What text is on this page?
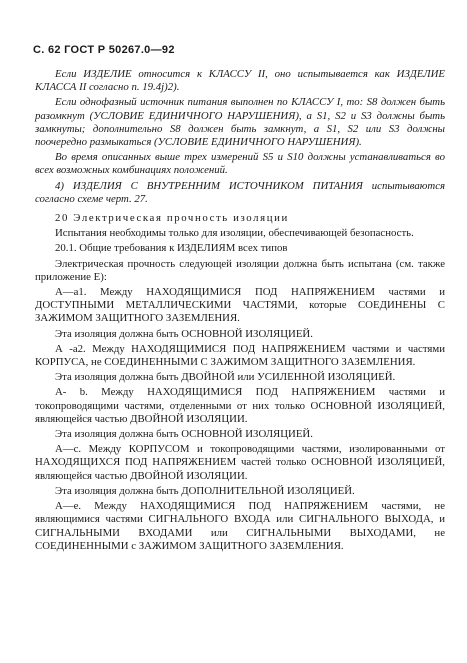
С. 62 ГОСТ Р 50267.0—92

Если ИЗДЕЛИЕ относится к КЛАССУ II, оно испытывается как ИЗДЕЛИЕ КЛАССА II согласно п. 19.4j)2).

Если однофазный источник питания выполнен по КЛАССУ I, то: S8 должен быть разомкнут (УСЛОВИЕ ЕДИНИЧНОГО НАРУШЕНИЯ), а S1, S2 и S3 должны быть замкнуты; дополнительно S8 должен быть замкнут, а S1, S2 или S3 должны поочередно размыкаться (УСЛОВИЕ ЕДИНИЧНОГО НАРУШЕНИЯ).

Во время описанных выше трех измерений S5 и S10 должны устанавливаться во всех возможных комбинациях положений.

4) ИЗДЕЛИЯ С ВНУТРЕННИМ ИСТОЧНИКОМ ПИТАНИЯ испытываются согласно схеме черт. 27.

20 Электрическая прочность изоляции

Испытания необходимы только для изоляции, обеспечивающей безопасность.

20.1. Общие требования к ИЗДЕЛИЯМ всех типов

Электрическая прочность следующей изоляции должна быть испытана (см. также приложение Е):

А—а1. Между НАХОДЯЩИМИСЯ ПОД НАПРЯЖЕНИЕМ частями и ДОСТУПНЫМИ МЕТАЛЛИЧЕСКИМИ ЧАСТЯМИ, которые СОЕДИНЕНЫ С ЗАЖИМОМ ЗАЩИТНОГО ЗАЗЕМЛЕНИЯ.

Эта изоляция должна быть ОСНОВНОЙ ИЗОЛЯЦИЕЙ.

А -а2. Между НАХОДЯЩИМИСЯ ПОД НАПРЯЖЕНИЕМ частями и частями КОРПУСА, не СОЕДИНЕННЫМИ С ЗАЖИМОМ ЗАЩИТНОГО ЗАЗЕМЛЕНИЯ.

Эта изоляция должна быть ДВОЙНОЙ или УСИЛЕННОЙ ИЗОЛЯЦИЕЙ.

А- b. Между НАХОДЯЩИМИСЯ ПОД НАПРЯЖЕНИЕМ частями и токопроводящими частями, отделенными от них только ОСНОВНОЙ ИЗОЛЯЦИЕЙ, являющейся частью ДВОЙНОЙ ИЗОЛЯЦИИ.

Эта изоляция должна быть ОСНОВНОЙ ИЗОЛЯЦИЕЙ.

А—с. Между КОРПУСОМ и токопроводящими частями, изолированными от НАХОДЯЩИХСЯ ПОД НАПРЯЖЕНИЕМ частей только ОСНОВНОЙ ИЗОЛЯЦИЕЙ, являющейся частью ДВОЙНОЙ ИЗОЛЯЦИИ.

Эта изоляция должна быть ДОПОЛНИТЕЛЬНОЙ ИЗОЛЯЦИЕЙ.

А—е. Между НАХОДЯЩИМИСЯ ПОД НАПРЯЖЕНИЕМ частями, не являющимися частями СИГНАЛЬНОГО ВХОДА или СИГНАЛЬНОГО ВЫХОДА, и СИГНАЛЬНЫМИ ВХОДАМИ или СИГНАЛЬНЫМИ ВЫХОДАМИ, не СОЕДИНЕННЫМИ с ЗАЖИМОМ ЗАЩИТНОГО ЗАЗЕМЛЕНИЯ.
